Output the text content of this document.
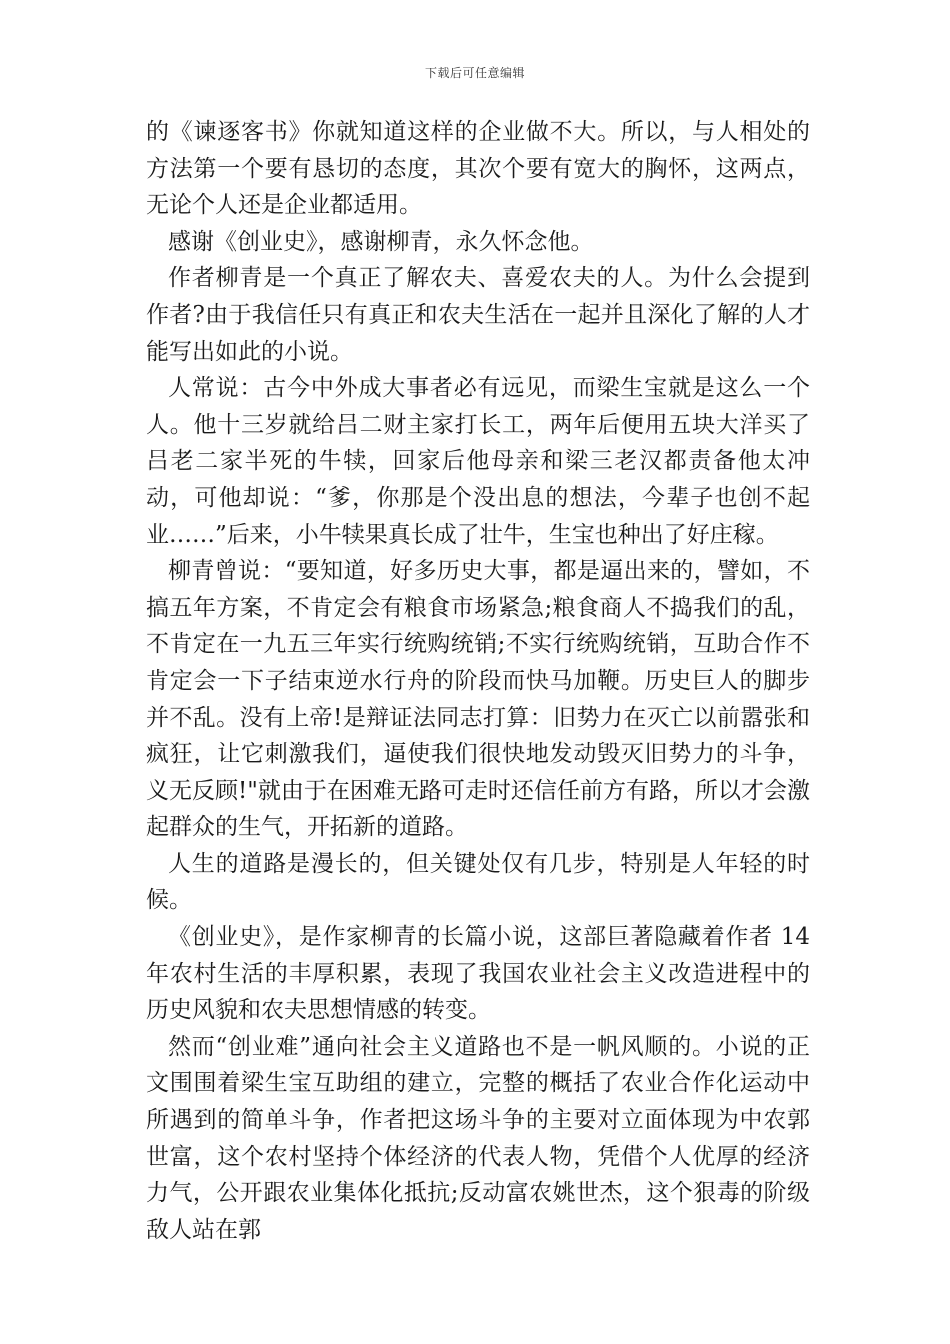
下载后可任意编辑

的《谏逐客书》你就知道这样的企业做不大。所以，与人相处的方法第一个要有恳切的态度，其次个要有宽大的胸怀，这两点，无论个人还是企业都适用。

感谢《创业史》，感谢柳青，永久怀念他。

作者柳青是一个真正了解农夫、喜爱农夫的人。为什么会提到作者?由于我信任只有真正和农夫生活在一起并且深化了解的人才能写出如此的小说。

人常说：古今中外成大事者必有远见，而梁生宝就是这么一个人。他十三岁就给吕二财主家打长工，两年后便用五块大洋买了吕老二家半死的牛犊，回家后他母亲和梁三老汉都责备他太冲动，可他却说：“爹，你那是个没出息的想法，今辈子也创不起业……”后来，小牛犊果真长成了壮牛，生宝也种出了好庄稼。

柳青曾说：“要知道，好多历史大事，都是逼出来的，譬如，不搞五年方案，不肯定会有粮食市场紧急;粮食商人不捣我们的乱，不肯定在一九五三年实行统购统销;不实行统购统销，互助合作不肯定会一下子结束逆水行舟的阶段而快马加鞭。历史巨人的脚步并不乱。没有上帝!是辩证法同志打算：旧势力在灭亡以前嚣张和疯狂，让它刺激我们，逼使我们很快地发动毁灭旧势力的斗争，义无反顾!"就由于在困难无路可走时还信任前方有路，所以才会激起群众的生气，开拓新的道路。

人生的道路是漫长的，但关键处仅有几步，特别是人年轻的时候。

《创业史》，是作家柳青的长篇小说，这部巨著隐藏着作者 14 年农村生活的丰厚积累，表现了我国农业社会主义改造进程中的历史风貌和农夫思想情感的转变。

然而“创业难”通向社会主义道路也不是一帆风顺的。小说的正文围围着梁生宝互助组的建立，完整的概括了农业合作化运动中所遇到的简单斗争，作者把这场斗争的主要对立面体现为中农郭世富，这个农村坚持个体经济的代表人物，凭借个人优厚的经济力气，公开跟农业集体化抵抗;反动富农姚世杰，这个狠毒的阶级敌人站在郭
